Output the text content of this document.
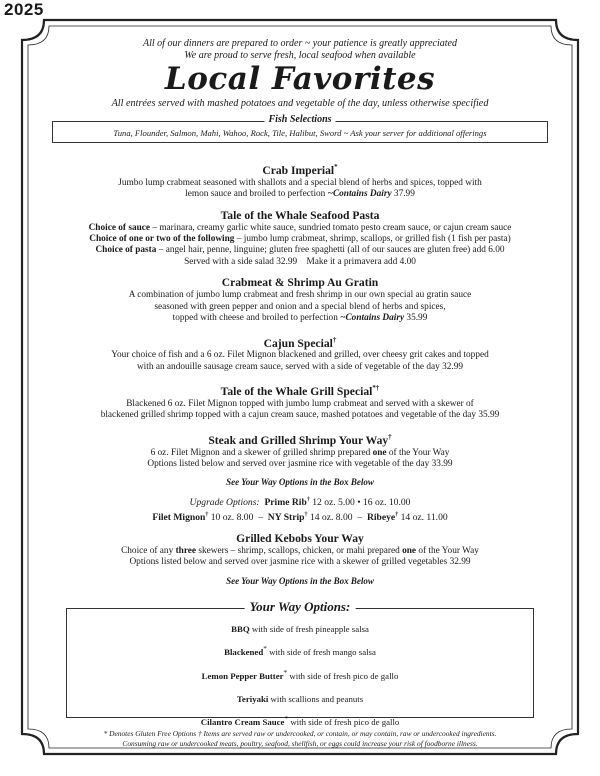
2025
All of our dinners are prepared to order ~ your patience is greatly appreciated
We are proud to serve fresh, local seafood when available
Local Favorites
All entrées served with mashed potatoes and vegetable of the day, unless otherwise specified
Fish Selections
Tuna, Flounder, Salmon, Mahi, Wahoo, Rock, Tile, Halibut, Sword ~ Ask your server for additional offerings
Crab Imperial*
Jumbo lump crabmeat seasoned with shallots and a special blend of herbs and spices, topped with
lemon sauce and broiled to perfection ~Contains Dairy 37.99
Tale of the Whale Seafood Pasta
Choice of sauce – marinara, creamy garlic white sauce, sundried tomato pesto cream sauce, or cajun cream sauce
Choice of one or two of the following – jumbo lump crabmeat, shrimp, scallops, or grilled fish (1 fish per pasta)
Choice of pasta – angel hair, penne, linguine; gluten free spaghetti (all of our sauces are gluten free) add 6.00
Served with a side salad 32.99    Make it a primavera add 4.00
Crabmeat & Shrimp Au Gratin
A combination of jumbo lump crabmeat and fresh shrimp in our own special au gratin sauce
seasoned with green pepper and onion and a special blend of herbs and spices,
topped with cheese and broiled to perfection ~Contains Dairy 35.99
Cajun Special†
Your choice of fish and a 6 oz. Filet Mignon blackened and grilled, over cheesy grit cakes and topped
with an andouille sausage cream sauce, served with a side of vegetable of the day 32.99
Tale of the Whale Grill Special*†
Blackened 6 oz. Filet Mignon topped with jumbo lump crabmeat and served with a skewer of
blackened grilled shrimp topped with a cajun cream sauce, mashed potatoes and vegetable of the day 35.99
Steak and Grilled Shrimp Your Way†
6 oz. Filet Mignon and a skewer of grilled shrimp prepared one of the Your Way
Options listed below and served over jasmine rice with vegetable of the day 33.99
See Your Way Options in the Box Below
Upgrade Options: Prime Rib† 12 oz. 5.00 • 16 oz. 10.00
Filet Mignon† 10 oz. 8.00  –  NY Strip† 14 oz. 8.00  –  Ribeye† 14 oz. 11.00
Grilled Kebobs Your Way
Choice of any three skewers – shrimp, scallops, chicken, or mahi prepared one of the Your Way
Options listed below and served over jasmine rice with a skewer of grilled vegetables 32.99
See Your Way Options in the Box Below
Your Way Options:
BBQ with side of fresh pineapple salsa
Blackened* with side of fresh mango salsa
Lemon Pepper Butter* with side of fresh pico de gallo
Teriyaki with scallions and peanuts
Cilantro Cream Sauce* with side of fresh pico de gallo
* Denotes Gluten Free Options † Items are served raw or undercooked, or contain, or may contain, raw or undercooked ingredients.
Consuming raw or undercooked meats, poultry, seafood, shellfish, or eggs could increase your risk of foodborne illness.
